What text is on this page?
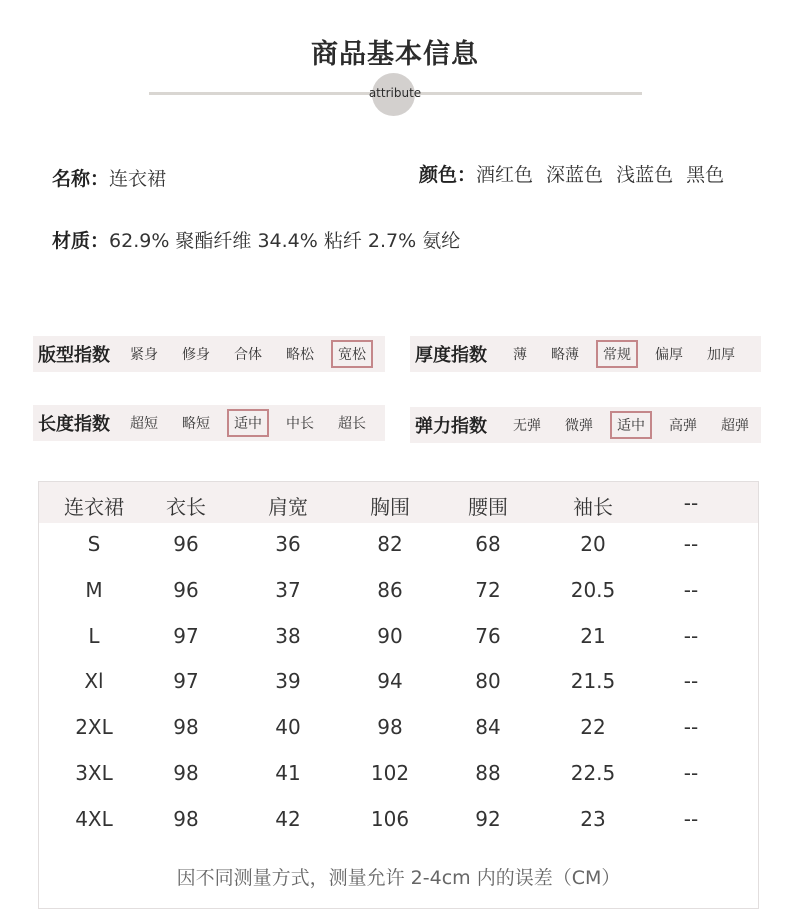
商品基本信息
attribute
名称：连衣裙	颜色：酒红色 深蓝色 浅蓝色 黑色
材质：62.9% 聚酯纤维 34.4% 粘纤 2.7% 氨纶
版型指数	紧身	修身	合体	略松	宽松	厚度指数	薄	略薄	常规	偏厚	加厚
长度指数	超短	略短	适中	中长	超长	弹力指数	无弹	微弹	适中	高弹	超弹
连衣裙	衣长	肩宽	胸围	腰围	袖长	--
S	96	36	82	68	20	--
M	96	37	86	72	20.5	--
L	97	38	90	76	21	--
Xl	97	39	94	80	21.5	--
2XL	98	40	98	84	22	--
3XL	98	41	102	88	22.5	--
4XL	98	42	106	92	23	--
因不同测量方式，测量允许 2-4cm 内的误差（CM）
